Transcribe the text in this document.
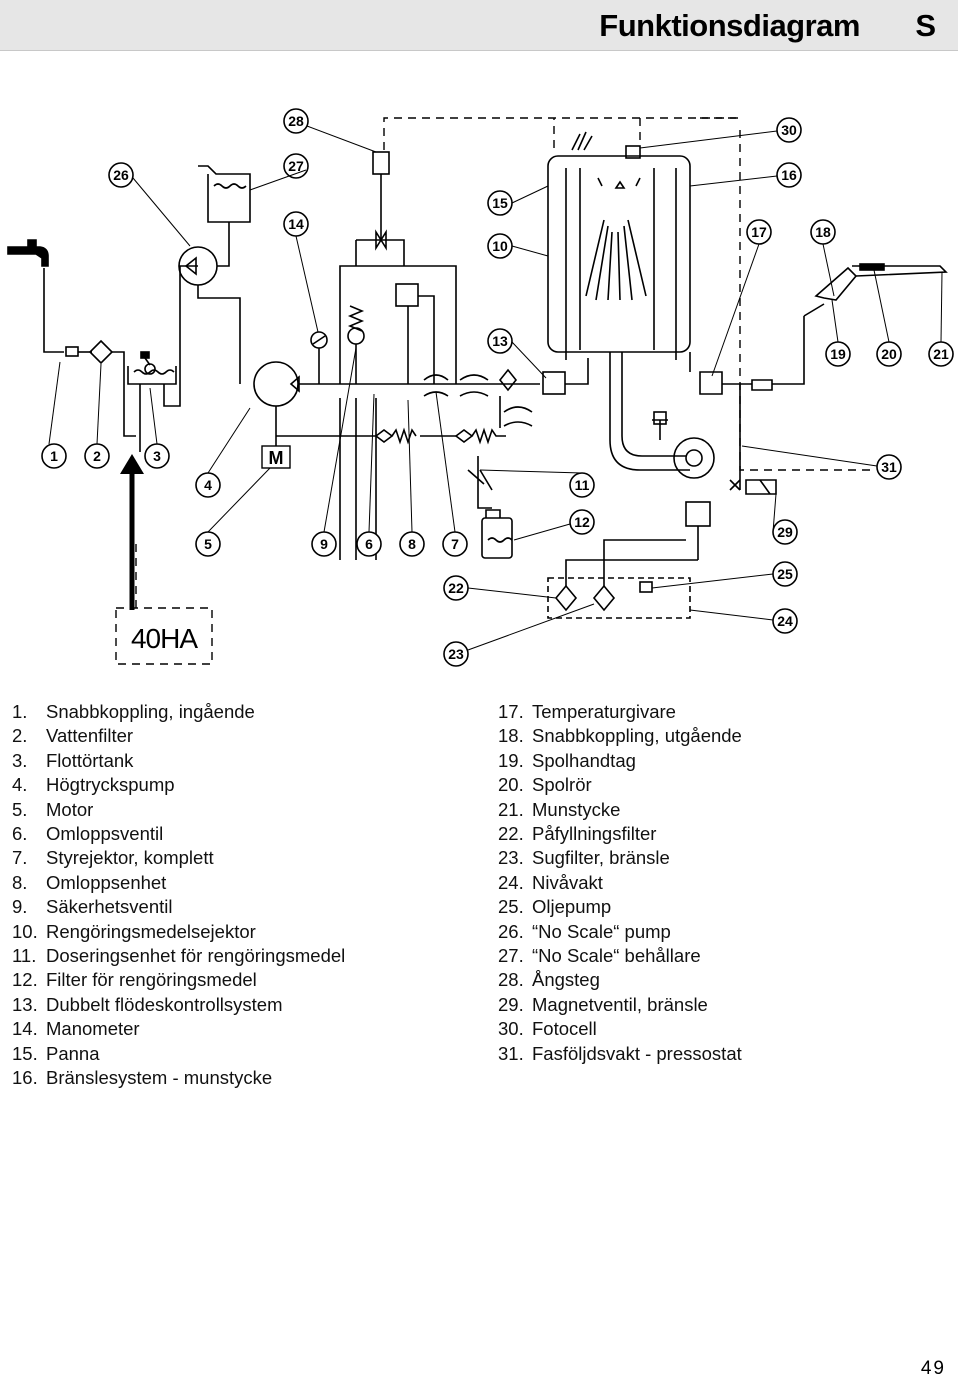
Funktionsdiagram S
26
27
28
14
15
10
13
30
16
17	18
19	20	21
1	2	3
4
5	9	6	8	7
11
12
31
29
25
24
22
23
M
40HA
1. Snabbkoppling, ingående
2. Vattenfilter
3. Flottörtank
4. Högtryckspump
5. Motor
6. Omloppsventil
7. Styrejektor, komplett
8. Omloppsenhet
9. Säkerhetsventil
10. Rengöringsmedelsejektor
11. Doseringsenhet för rengöringsmedel
12. Filter för rengöringsmedel
13. Dubbelt flödeskontrollsystem
14. Manometer
15. Panna
16. Bränslesystem - munstycke
17. Temperaturgivare
18. Snabbkoppling, utgående
19. Spolhandtag
20. Spolrör
21. Munstycke
22. Påfyllningsfilter
23. Sugfilter, bränsle
24. Nivåvakt
25. Oljepump
26. “No Scale“ pump
27. “No Scale“ behållare
28. Ångsteg
29. Magnetventil, bränsle
30. Fotocell
31. Fasföljdsvakt - pressostat
49
